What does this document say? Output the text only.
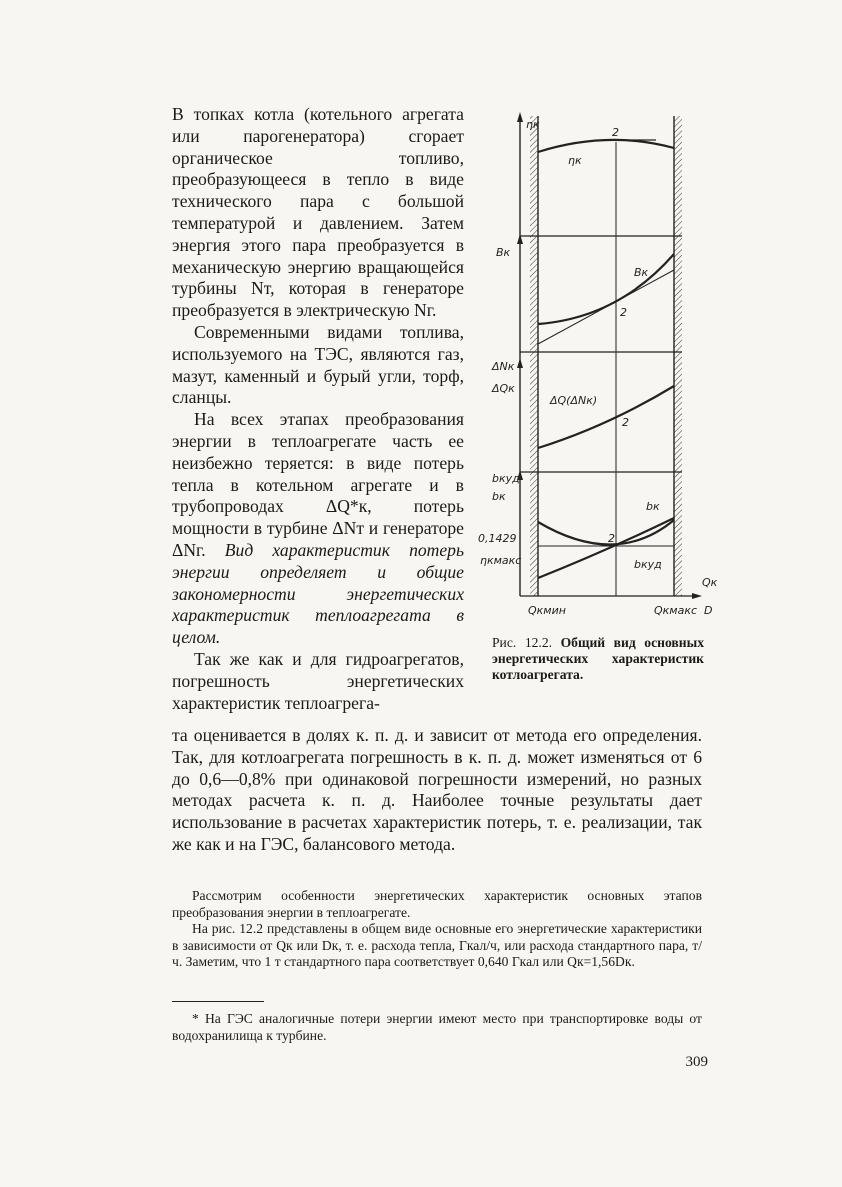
В топках котла (котельного агрегата или парогенератора) сгорает органическое топливо, преобразующееся в тепло в виде технического пара с большой температурой и давлением. Затем энергия этого пара преобразуется в механическую энергию вращающейся турбины Nт, которая в генераторе преобразуется в электрическую Nг.

Современными видами топлива, используемого на ТЭС, являются газ, мазут, каменный и бурый угли, торф, сланцы.

На всех этапах преобразования энергии в теплоагрегате часть ее неизбежно теряется: в виде потерь тепла в котельном агрегате и в трубопроводах ΔQ*к, потерь мощности в турбине ΔNт и генераторе ΔNг. Вид характеристик потерь энергии определяет и общие закономерности энергетических характеристик теплоагрегата в целом.

Так же как и для гидроагрегатов, погрешность энергетических характеристик теплоагрега-

ηк
ηк
2
Bк
Bк
2
ΔNк
ΔQк
ΔQ(ΔNк)
2
bкуд
bк
0,1429
ηкмакс
bк
bкуд
2
Qк
Qкмин	Qкмакс D
Рис. 12.2. Общий вид основных энергетических характеристик котлоагрегата.

та оценивается в долях к. п. д. и зависит от метода его определения. Так, для котлоагрегата погрешность в к. п. д. может изменяться от 6 до 0,6—0,8% при одинаковой погрешности измерений, но разных методах расчета к. п. д. Наиболее точные результаты дает использование в расчетах характеристик потерь, т. е. реализации, так же как и на ГЭС, балансового метода.

Рассмотрим особенности энергетических характеристик основных этапов преобразования энергии в теплоагрегате.

На рис. 12.2 представлены в общем виде основные его энергетические характеристики в зависимости от Qк или Dк, т. е. расхода тепла, Гкал/ч, или расхода стандартного пара, т/ч. Заметим, что 1 т стандартного пара соответствует 0,640 Гкал или Qк=1,56Dк.

* На ГЭС аналогичные потери энергии имеют место при транспортировке воды от водохранилища к турбине.
309
